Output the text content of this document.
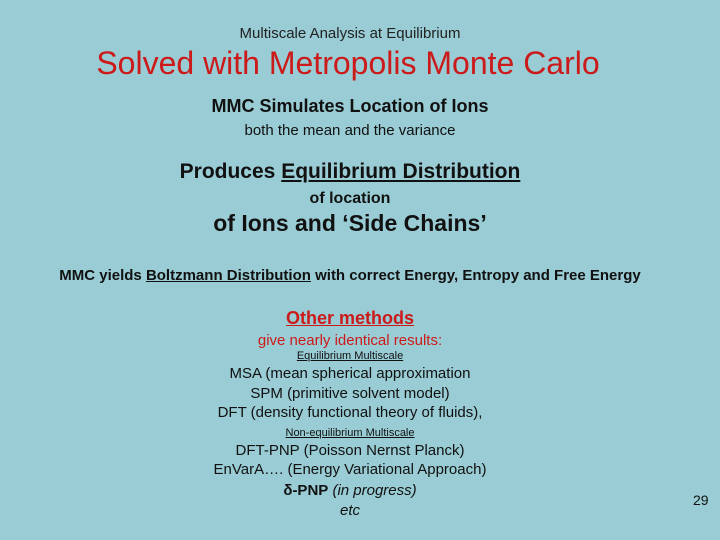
Multiscale Analysis at Equilibrium
Solved with Metropolis Monte Carlo
MMC Simulates Location of Ions
both the mean and the variance
Produces Equilibrium Distribution
of location
of Ions and ‘Side Chains’
MMC yields Boltzmann Distribution with correct Energy, Entropy and Free Energy
Other methods
give nearly identical results:
Equilibrium Multiscale
MSA (mean spherical approximation
SPM (primitive solvent model)
DFT (density functional theory of fluids),
Non-equilibrium Multiscale
DFT-PNP (Poisson Nernst Planck)
EnVarA…. (Energy Variational Approach)
δ-PNP (in progress)
etc
29
